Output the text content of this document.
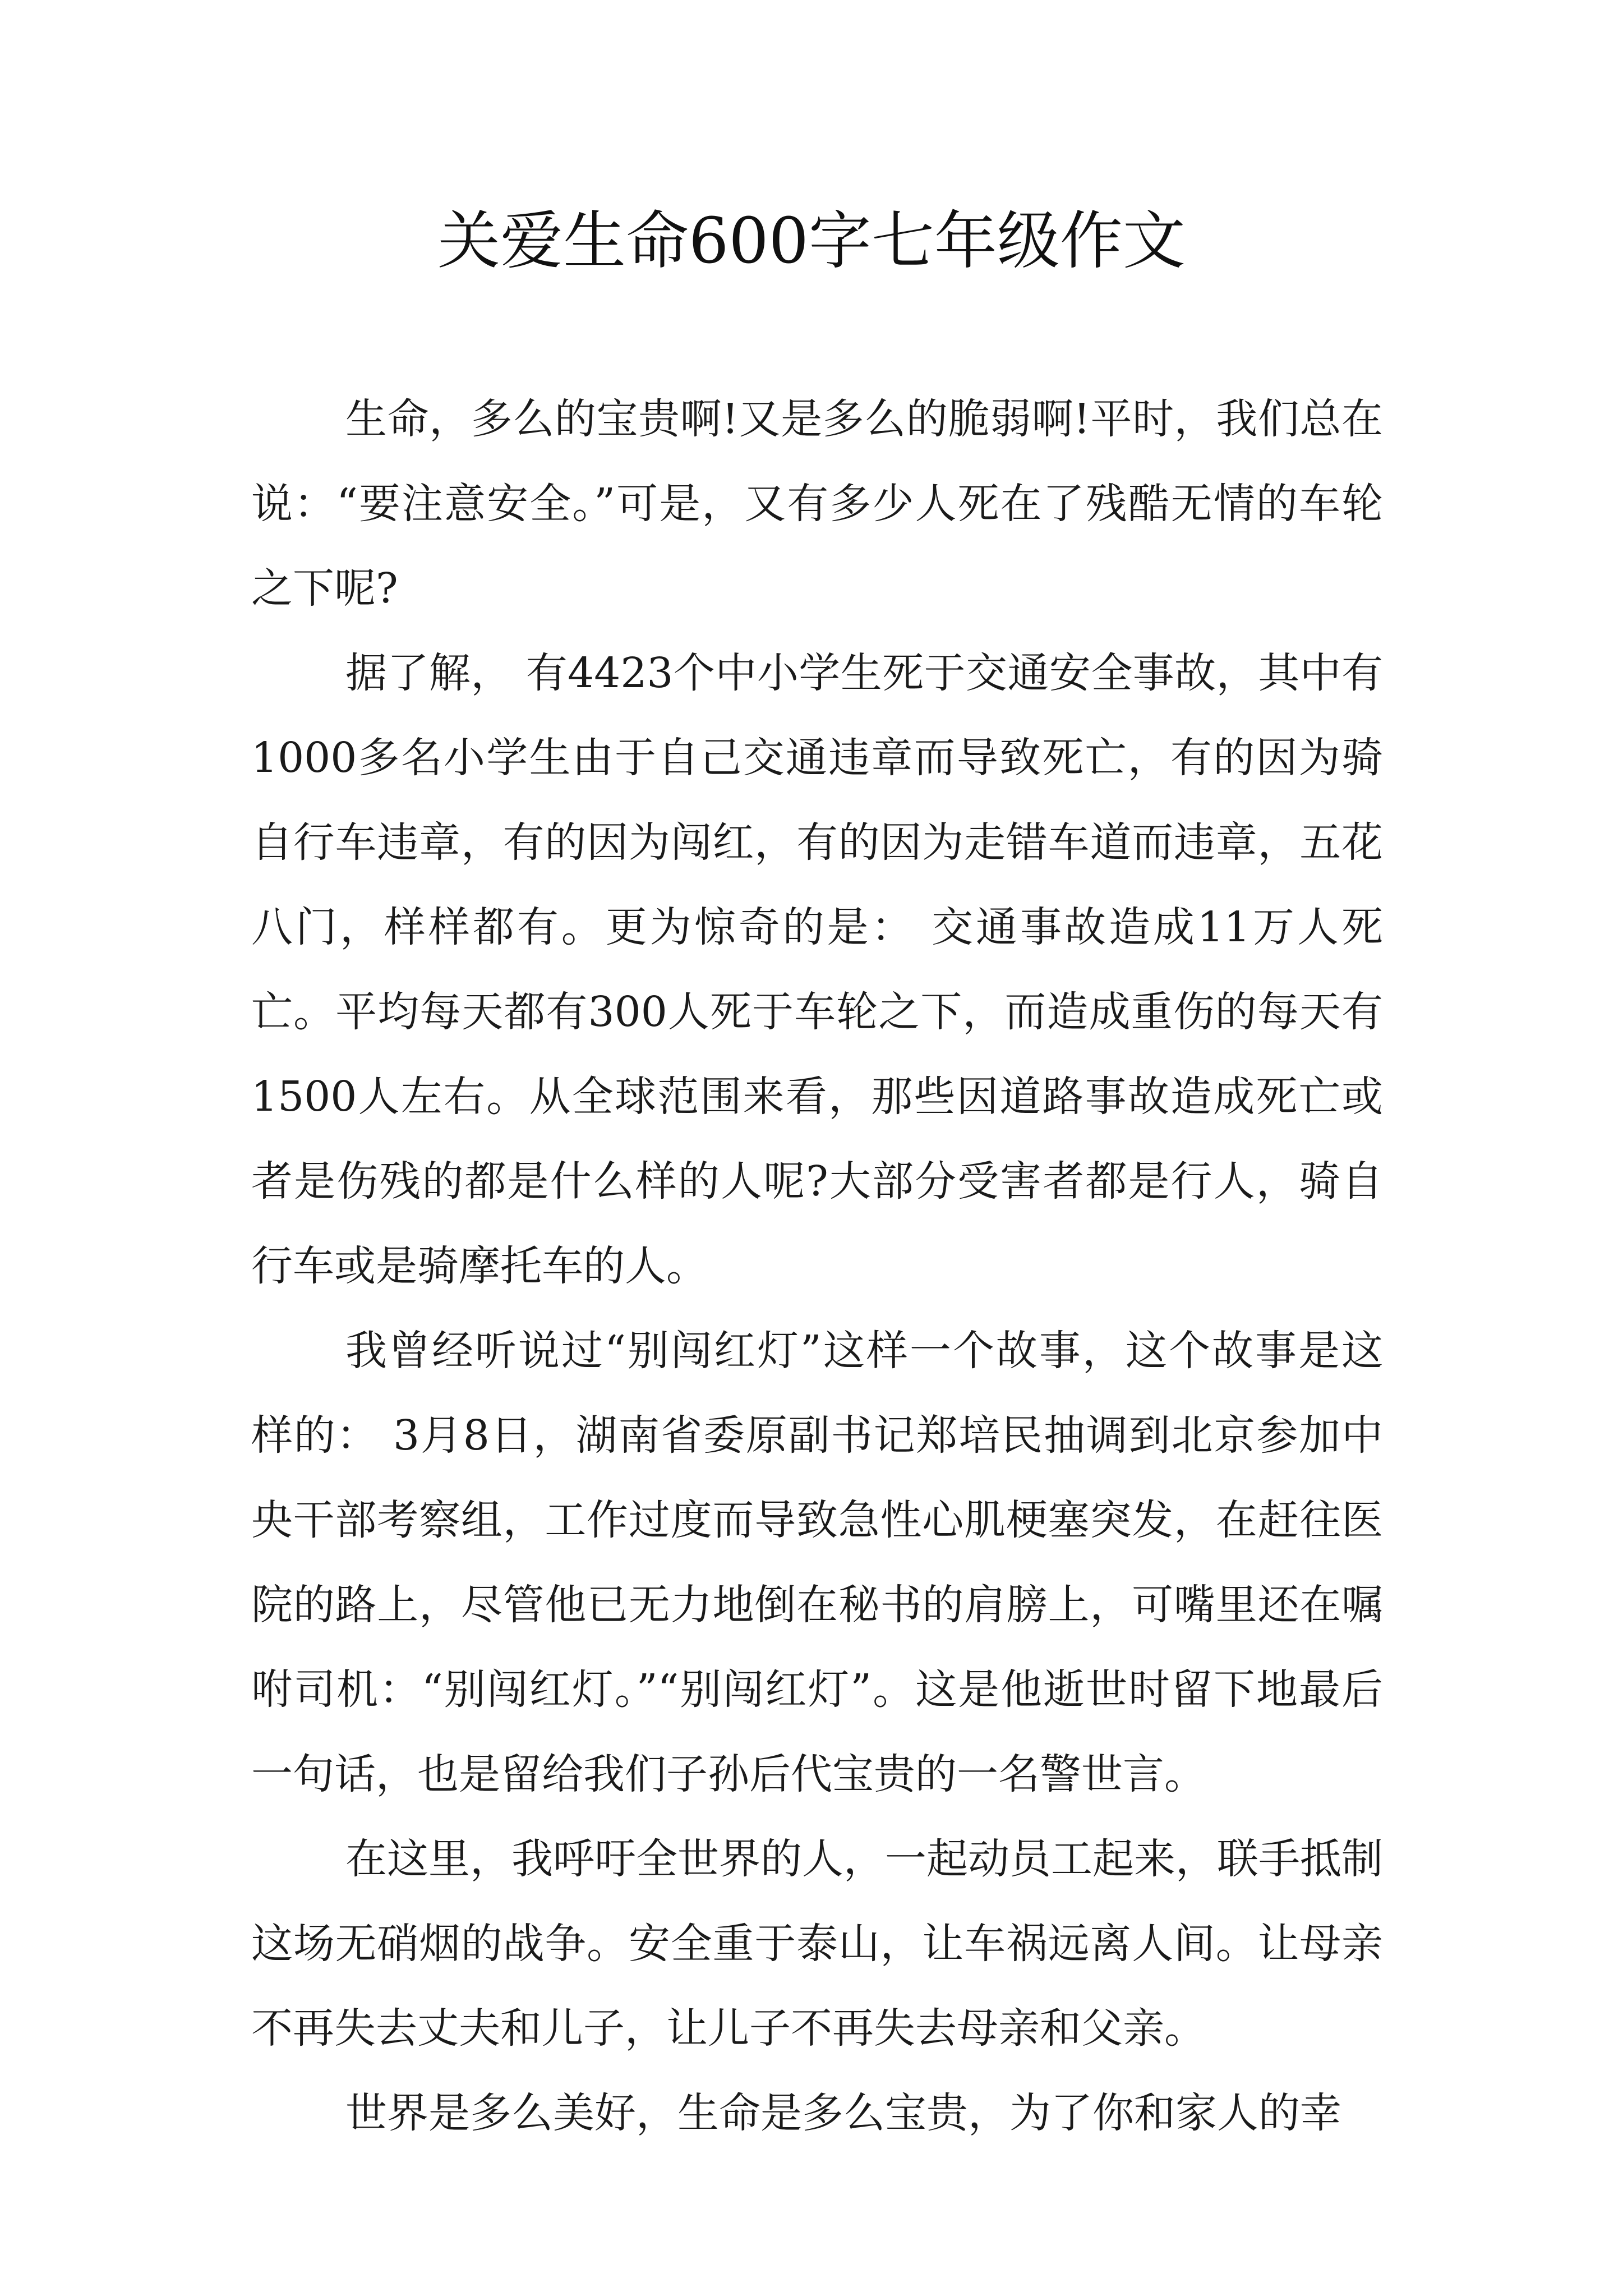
关爱生命600字七年级作文

生命，多么的宝贵啊!又是多么的脆弱啊!平时，我们总在说：“要注意安全。”可是，又有多少人死在了残酷无情的车轮之下呢?

据了解， 有4423个中小学生死于交通安全事故，其中有1000多名小学生由于自己交通违章而导致死亡，有的因为骑自行车违章，有的因为闯红，有的因为走错车道而违章，五花八门，样样都有。更为惊奇的是： 交通事故造成11万人死亡。平均每天都有300人死于车轮之下，而造成重伤的每天有1500人左右。从全球范围来看，那些因道路事故造成死亡或者是伤残的都是什么样的人呢?大部分受害者都是行人，骑自行车或是骑摩托车的人。

我曾经听说过“别闯红灯”这样一个故事，这个故事是这样的： 3月8日，湖南省委原副书记郑培民抽调到北京参加中央干部考察组，工作过度而导致急性心肌梗塞突发，在赶往医院的路上，尽管他已无力地倒在秘书的肩膀上，可嘴里还在嘱咐司机：“别闯红灯。”“别闯红灯”。这是他逝世时留下地最后一句话，也是留给我们子孙后代宝贵的一名警世言。

在这里，我呼吁全世界的人，一起动员工起来，联手抵制这场无硝烟的战争。安全重于泰山，让车祸远离人间。让母亲不再失去丈夫和儿子，让儿子不再失去母亲和父亲。

世界是多么美好，生命是多么宝贵，为了你和家人的幸
